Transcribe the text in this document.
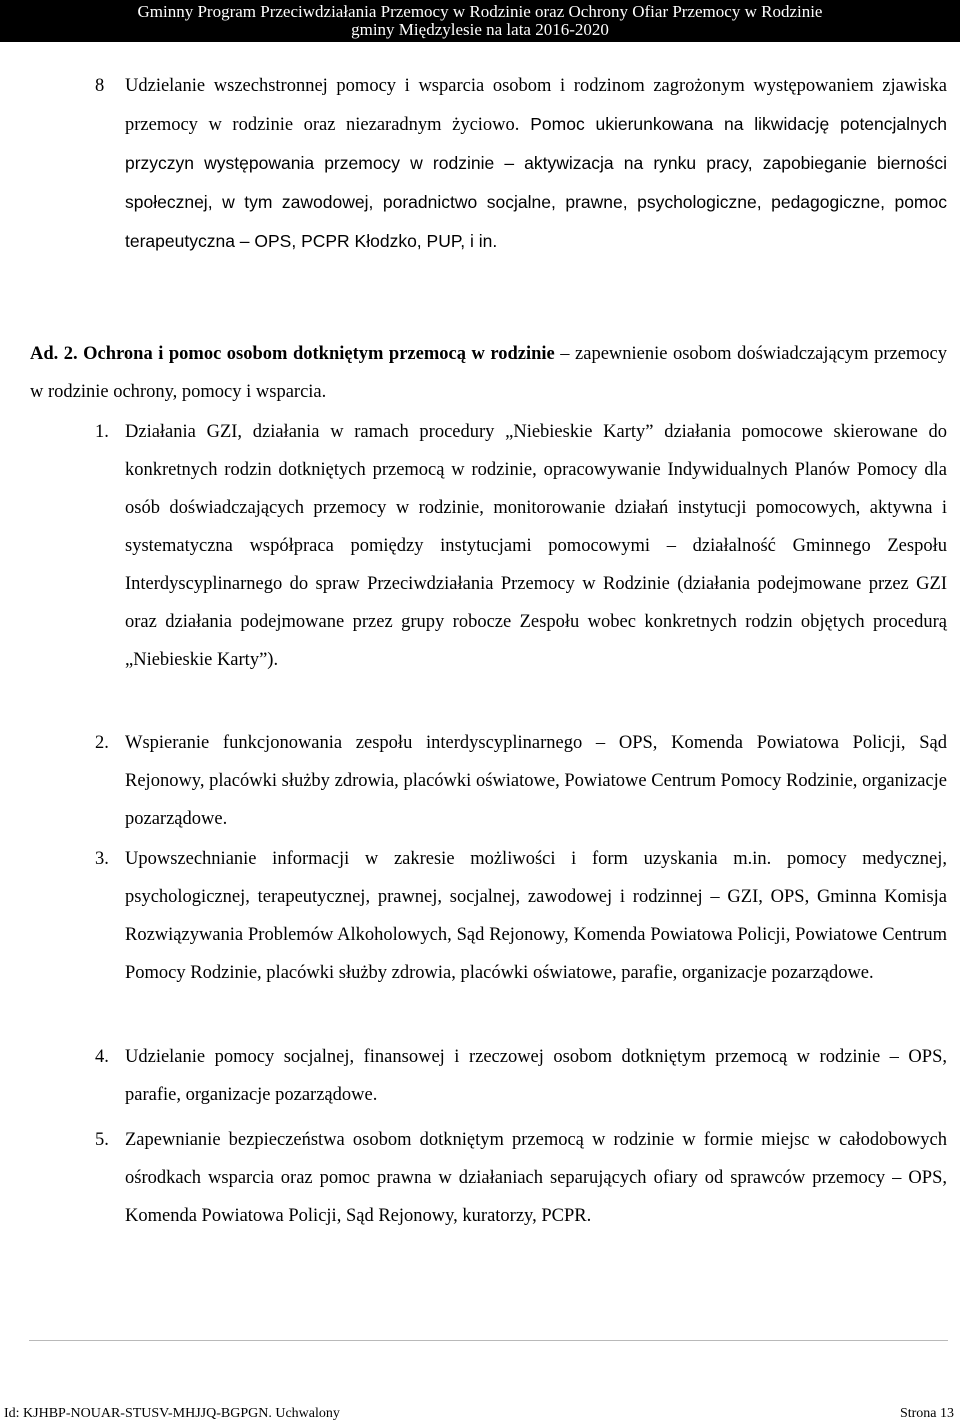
Gminny Program Przeciwdziałania Przemocy w Rodzinie oraz Ochrony Ofiar Przemocy w Rodzinie
gminy Międzylesie na lata 2016-2020
8 Udzielanie wszechstronnej pomocy i wsparcia osobom i rodzinom zagrożonym występowaniem zjawiska przemocy w rodzinie oraz niezaradnym życiowo. Pomoc ukierunkowana na likwidację potencjalnych przyczyn występowania przemocy w rodzinie – aktywizacja na rynku pracy, zapobieganie bierności społecznej, w tym zawodowej, poradnictwo socjalne, prawne, psychologiczne, pedagogiczne, pomoc terapeutyczna – OPS, PCPR Kłodzko, PUP, i in.
Ad. 2. Ochrona i pomoc osobom dotkniętym przemocą w rodzinie – zapewnienie osobom doświadczającym przemocy w rodzinie ochrony, pomocy i wsparcia.
1. Działania GZI, działania w ramach procedury „Niebieskie Karty” działania pomocowe skierowane do konkretnych rodzin dotkniętych przemocą w rodzinie, opracowywanie Indywidualnych Planów Pomocy dla osób doświadczających przemocy w rodzinie, monitorowanie działań instytucji pomocowych, aktywna i systematyczna współpraca pomiędzy instytucjami pomocowymi – działalność Gminnego Zespołu Interdyscyplinarnego do spraw Przeciwdziałania Przemocy w Rodzinie (działania podejmowane przez GZI oraz działania podejmowane przez grupy robocze Zespołu wobec konkretnych rodzin objętych procedurą „Niebieskie Karty”).
2. Wspieranie funkcjonowania zespołu interdyscyplinarnego – OPS, Komenda Powiatowa Policji, Sąd Rejonowy, placówki służby zdrowia, placówki oświatowe, Powiatowe Centrum Pomocy Rodzinie, organizacje pozarządowe.
3. Upowszechnianie informacji w zakresie możliwości i form uzyskania m.in. pomocy medycznej, psychologicznej, terapeutycznej, prawnej, socjalnej, zawodowej i rodzinnej – GZI, OPS, Gminna Komisja Rozwiązywania Problemów Alkoholowych, Sąd Rejonowy, Komenda Powiatowa Policji, Powiatowe Centrum Pomocy Rodzinie, placówki służby zdrowia, placówki oświatowe, parafie, organizacje pozarządowe.
4. Udzielanie pomocy socjalnej, finansowej i rzeczowej osobom dotkniętym przemocą w rodzinie – OPS, parafie, organizacje pozarządowe.
5. Zapewnianie bezpieczeństwa osobom dotkniętym przemocą w rodzinie w formie miejsc w całodobowych ośrodkach wsparcia oraz pomoc prawna w działaniach separujących ofiary od sprawców przemocy – OPS, Komenda Powiatowa Policji, Sąd Rejonowy, kuratorzy, PCPR.
Id: KJHBP-NOUAR-STUSV-MHJJQ-BGPGN. Uchwalony	Strona 13
